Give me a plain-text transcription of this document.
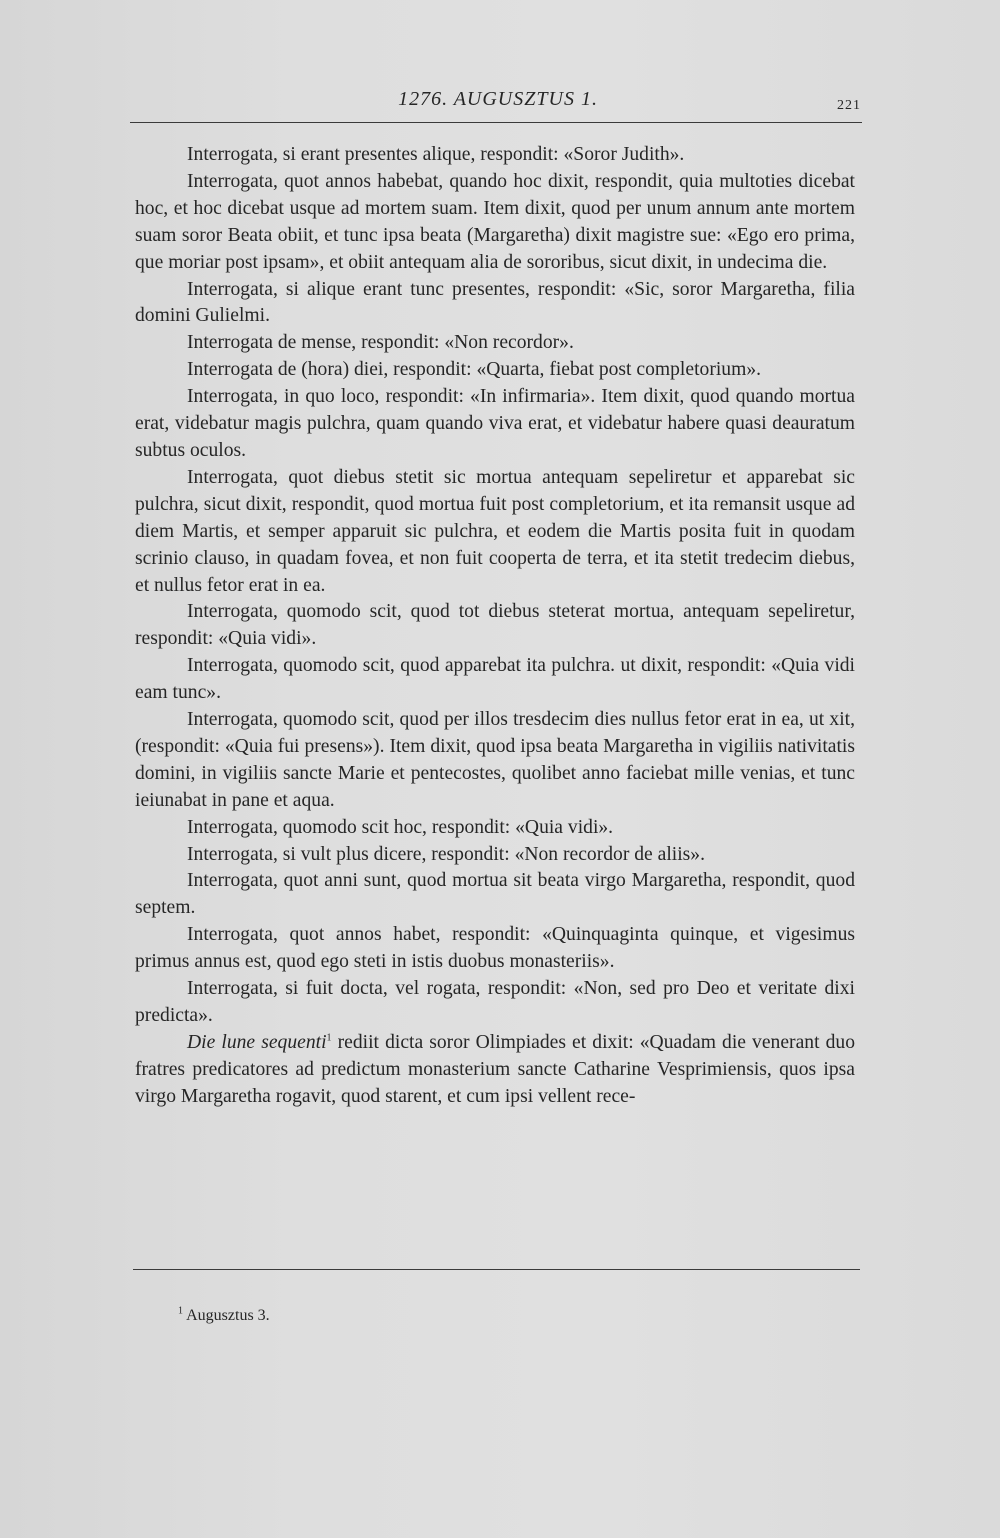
1276. AUGUSZTUS 1.	221

Interrogata, si erant presentes alique, respondit: «Soror Judith».

Interrogata, quot annos habebat, quando hoc dixit, respondit, quia multoties dicebat hoc, et hoc dicebat usque ad mortem suam. Item dixit, quod per unum annum ante mortem suam soror Beata obiit, et tunc ipsa beata (Margaretha) dixit magistre sue: «Ego ero prima, que moriar post ipsam», et obiit antequam alia de sororibus, sicut dixit, in undecima die.

Interrogata, si alique erant tunc presentes, respondit: «Sic, soror Margaretha, filia domini Gulielmi.

Interrogata de mense, respondit: «Non recordor».

Interrogata de (hora) diei, respondit: «Quarta, fiebat post completorium».

Interrogata, in quo loco, respondit: «In infirmaria». Item dixit, quod quando mortua erat, videbatur magis pulchra, quam quando viva erat, et videbatur habere quasi deauratum subtus oculos.

Interrogata, quot diebus stetit sic mortua antequam sepeliretur et apparebat sic pulchra, sicut dixit, respondit, quod mortua fuit post completorium, et ita remansit usque ad diem Martis, et semper apparuit sic pulchra, et eodem die Martis posita fuit in quodam scrinio clauso, in quadam fovea, et non fuit cooperta de terra, et ita stetit tredecim diebus, et nullus fetor erat in ea.

Interrogata, quomodo scit, quod tot diebus steterat mortua, antequam sepeliretur, respondit: «Quia vidi».

Interrogata, quomodo scit, quod apparebat ita pulchra. ut dixit, respondit: «Quia vidi eam tunc».

Interrogata, quomodo scit, quod per illos tresdecim dies nullus fetor erat in ea, ut xit, (respondit: «Quia fui presens»). Item dixit, quod ipsa beata Margaretha in vigiliis nativitatis domini, in vigiliis sancte Marie et pentecostes, quolibet anno faciebat mille venias, et tunc ieiunabat in pane et aqua.

Interrogata, quomodo scit hoc, respondit: «Quia vidi».

Interrogata, si vult plus dicere, respondit: «Non recordor de aliis».

Interrogata, quot anni sunt, quod mortua sit beata virgo Margaretha, respondit, quod septem.

Interrogata, quot annos habet, respondit: «Quinquaginta quinque, et vigesimus primus annus est, quod ego steti in istis duobus monasteriis».

Interrogata, si fuit docta, vel rogata, respondit: «Non, sed pro Deo et veritate dixi predicta».

Die lune sequenti$^1$ rediit dicta soror Olimpiades et dixit: «Quadam die venerant duo fratres predicatores ad predictum monasterium sancte Catharine Vesprimiensis, quos ipsa virgo Margaretha rogavit, quod starent, et cum ipsi vellent rece-

$^1$ Augusztus 3.
